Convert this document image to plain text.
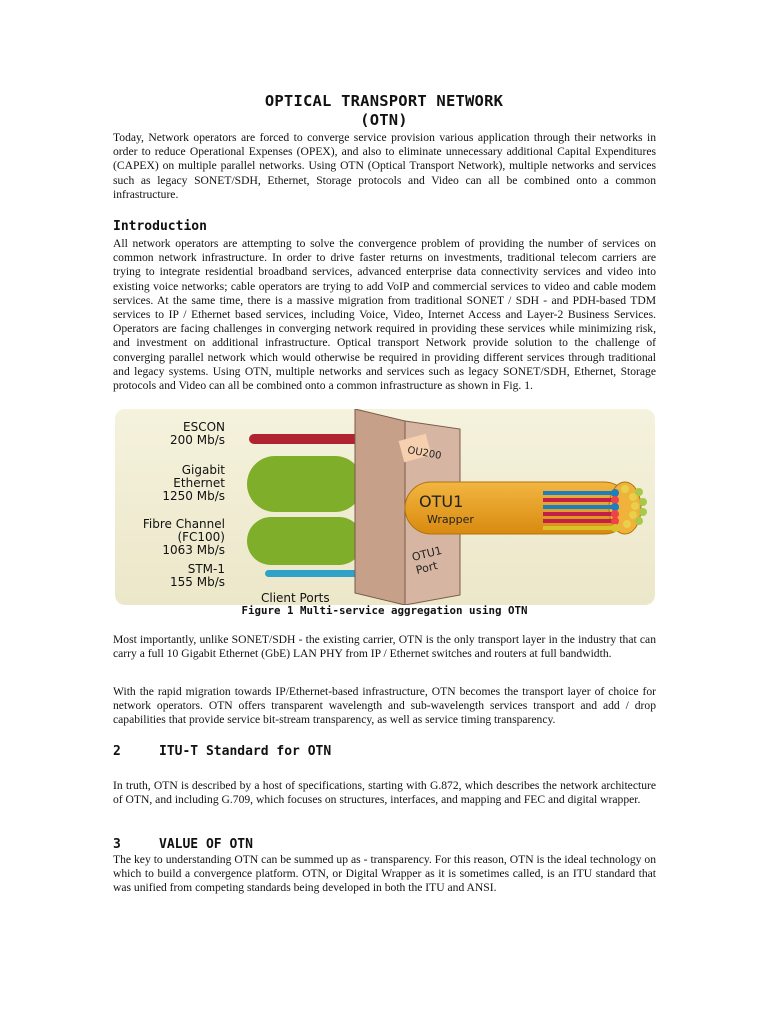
OPTICAL TRANSPORT NETWORK
(OTN)

Today, Network operators are forced to converge service provision various application through their networks in order to reduce Operational Expenses (OPEX), and also to eliminate unnecessary additional Capital Expenditures (CAPEX) on multiple parallel networks. Using OTN (Optical Transport Network), multiple networks and services such as legacy SONET/SDH, Ethernet, Storage protocols and Video can all be combined onto a common infrastructure.

Introduction

All network operators are attempting to solve the convergence problem of providing the number of services on common network infrastructure. In order to drive faster returns on investments, traditional telecom carriers are trying to integrate residential broadband services, advanced enterprise data connectivity services and video into existing voice networks; cable operators are trying to add VoIP and commercial services to video and cable modem services. At the same time, there is a massive migration from traditional SONET / SDH - and PDH-based TDM services to IP / Ethernet based services, including Voice, Video, Internet Access and Layer-2 Business Services. Operators are facing challenges in converging network required in providing these services while minimizing risk, and investment on additional infrastructure. Optical transport Network provide solution to the challenge of converging parallel network which would otherwise be required in providing different services through traditional and legacy systems. Using OTN, multiple networks and services such as legacy SONET/SDH, Ethernet, Storage protocols and Video can all be combined onto a common infrastructure as shown in Fig. 1.

ESCON
200 Mb/s
Gigabit
Ethernet
1250 Mb/s
Fibre Channel
(FC100)
1063 Mb/s
STM-1
155 Mb/s
Client Ports
OTU1
Wrapper
OTU1
Port
O​U200
Figure 1 Multi-service aggregation using OTN

Most importantly, unlike SONET/SDH - the existing carrier, OTN is the only transport layer in the industry that can carry a full 10 Gigabit Ethernet (GbE) LAN PHY from IP / Ethernet switches and routers at full bandwidth.

With the rapid migration towards IP/Ethernet-based infrastructure, OTN becomes the transport layer of choice for network operators. OTN offers transparent wavelength and sub-wavelength services transport and add / drop capabilities that provide service bit-stream transparency, as well as service timing transparency.

2	ITU-T Standard for OTN

In truth, OTN is described by a host of specifications, starting with G.872, which describes the network architecture of OTN, and including G.709, which focuses on structures, interfaces, and mapping and FEC and digital wrapper.

3	VALUE OF OTN

The key to understanding OTN can be summed up as - transparency. For this reason, OTN is the ideal technology on which to build a convergence platform. OTN, or Digital Wrapper as it is sometimes called, is an ITU standard that was unified from competing standards being developed in both the ITU and ANSI.
